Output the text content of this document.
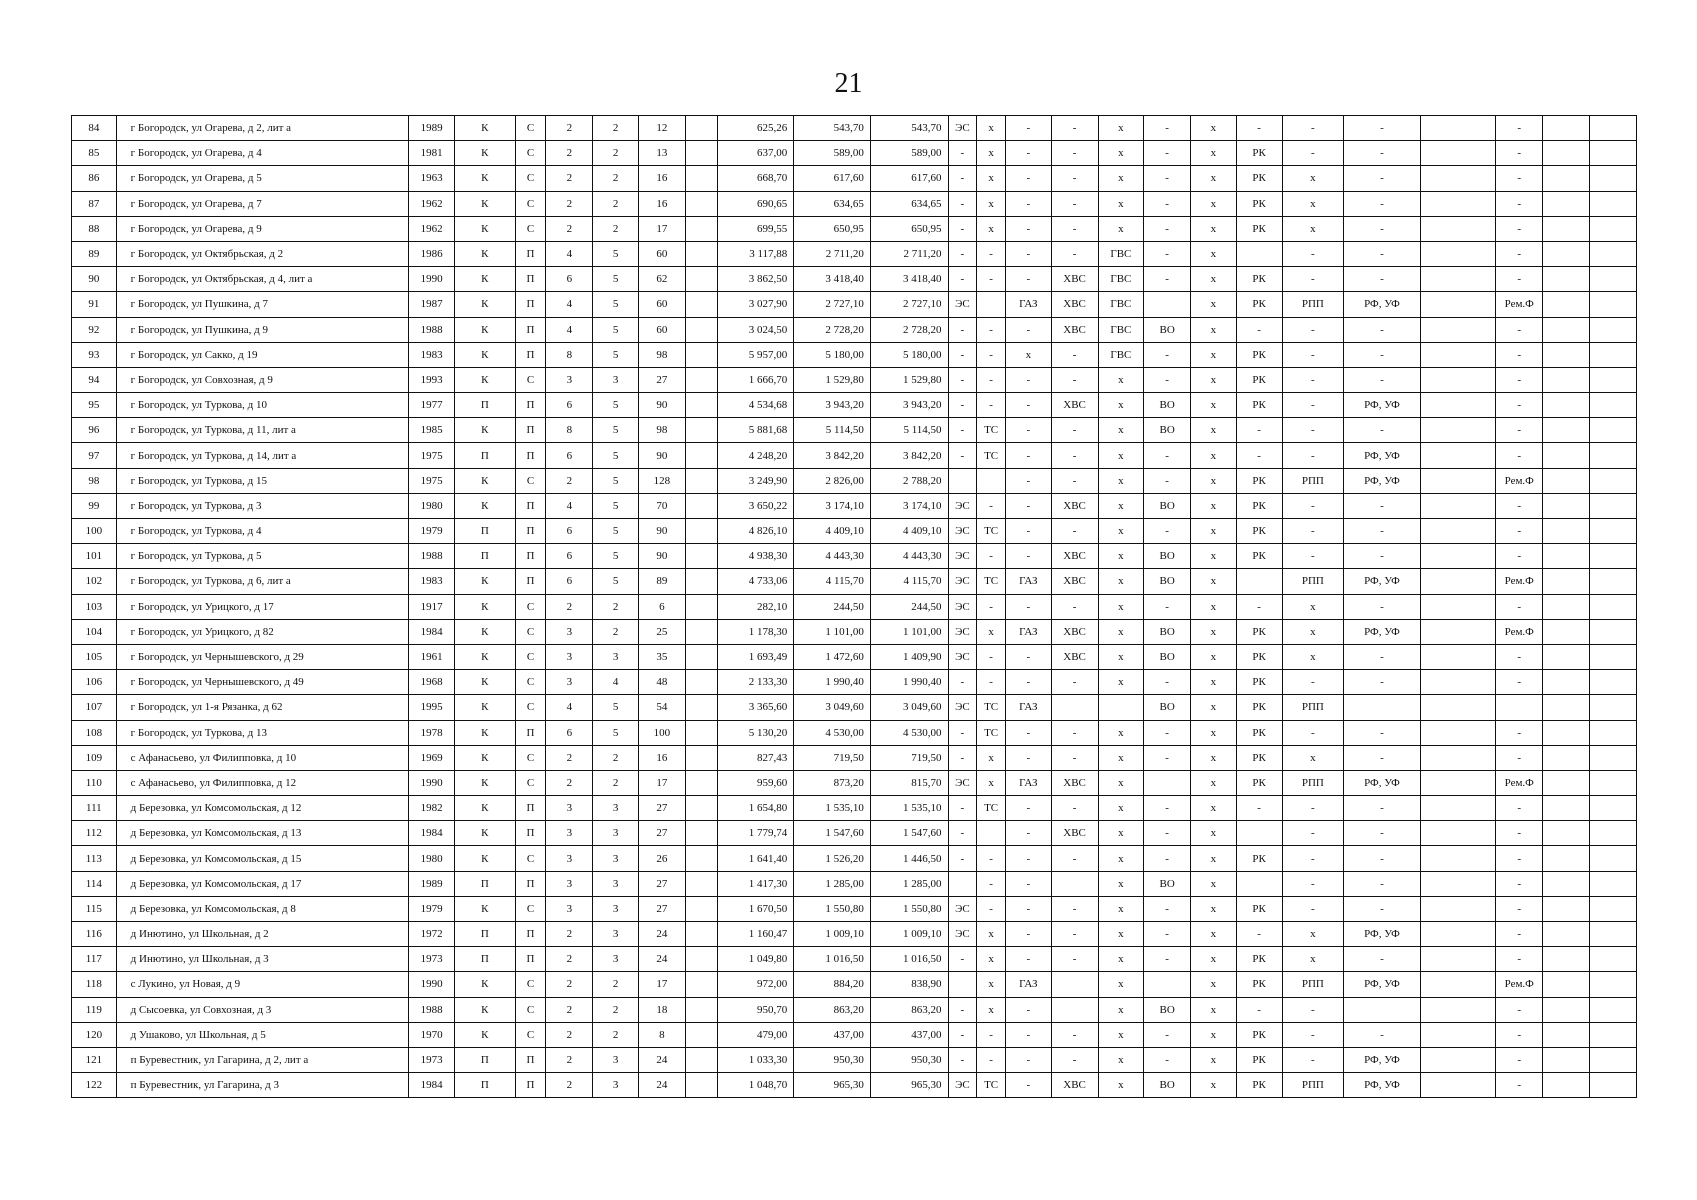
21
84	г Богородск, ул Огарева, д 2, лит а	1989	К	С	2	2	12		625,26	543,70	543,70	ЭС	х	-	-	х	-	х	-	-	-		-		
85	г Богородск, ул Огарева, д 4	1981	К	С	2	2	13		637,00	589,00	589,00	-	х	-	-	х	-	х	РК	-	-		-		
86	г Богородск, ул Огарева, д 5	1963	К	С	2	2	16		668,70	617,60	617,60	-	х	-	-	х	-	х	РК	х	-		-		
87	г Богородск, ул Огарева, д 7	1962	К	С	2	2	16		690,65	634,65	634,65	-	х	-	-	х	-	х	РК	х	-		-		
88	г Богородск, ул Огарева, д 9	1962	К	С	2	2	17		699,55	650,95	650,95	-	х	-	-	х	-	х	РК	х	-		-		
89	г Богородск, ул Октябрьская, д 2	1986	К	П	4	5	60		3 117,88	2 711,20	2 711,20	-	-	-	-	ГВС	-	х		-	-		-		
90	г Богородск, ул Октябрьская, д 4, лит а	1990	К	П	6	5	62		3 862,50	3 418,40	3 418,40	-	-	-	ХВС	ГВС	-	х	РК	-	-		-		
91	г Богородск, ул Пушкина, д 7	1987	К	П	4	5	60		3 027,90	2 727,10	2 727,10	ЭС		ГАЗ	ХВС	ГВС		х	РК	РПП	РФ, УФ		Рем.Ф		
92	г Богородск, ул Пушкина, д 9	1988	К	П	4	5	60		3 024,50	2 728,20	2 728,20	-	-	-	ХВС	ГВС	ВО	х	-	-	-		-		
93	г Богородск, ул Сакко, д 19	1983	К	П	8	5	98		5 957,00	5 180,00	5 180,00	-	-	х	-	ГВС	-	х	РК	-	-		-		
94	г Богородск, ул Совхозная, д 9	1993	К	С	3	3	27		1 666,70	1 529,80	1 529,80	-	-	-	-	х	-	х	РК	-	-		-		
95	г Богородск, ул Туркова, д 10	1977	П	П	6	5	90		4 534,68	3 943,20	3 943,20	-	-	-	ХВС	х	ВО	х	РК	-	РФ, УФ		-		
96	г Богородск, ул Туркова, д 11, лит а	1985	К	П	8	5	98		5 881,68	5 114,50	5 114,50	-	ТС	-	-	х	ВО	х	-	-	-		-		
97	г Богородск, ул Туркова, д 14, лит а	1975	П	П	6	5	90		4 248,20	3 842,20	3 842,20	-	ТС	-	-	х	-	х	-	-	РФ, УФ		-		
98	г Богородск, ул Туркова, д 15	1975	К	С	2	5	128		3 249,90	2 826,00	2 788,20			-	-	х	-	х	РК	РПП	РФ, УФ		Рем.Ф		
99	г Богородск, ул Туркова, д 3	1980	К	П	4	5	70		3 650,22	3 174,10	3 174,10	ЭС	-	-	ХВС	х	ВО	х	РК	-	-		-		
100	г Богородск, ул Туркова, д 4	1979	П	П	6	5	90		4 826,10	4 409,10	4 409,10	ЭС	ТС	-	-	х	-	х	РК	-	-		-		
101	г Богородск, ул Туркова, д 5	1988	П	П	6	5	90		4 938,30	4 443,30	4 443,30	ЭС	-	-	ХВС	х	ВО	х	РК	-	-		-		
102	г Богородск, ул Туркова, д 6, лит а	1983	К	П	6	5	89		4 733,06	4 115,70	4 115,70	ЭС	ТС	ГАЗ	ХВС	х	ВО	х		РПП	РФ, УФ		Рем.Ф		
103	г Богородск, ул Урицкого, д 17	1917	К	С	2	2	6		282,10	244,50	244,50	ЭС	-	-	-	х	-	х	-	х	-		-		
104	г Богородск, ул Урицкого, д 82	1984	К	С	3	2	25		1 178,30	1 101,00	1 101,00	ЭС	х	ГАЗ	ХВС	х	ВО	х	РК	х	РФ, УФ		Рем.Ф		
105	г Богородск, ул Чернышевского, д 29	1961	К	С	3	3	35		1 693,49	1 472,60	1 409,90	ЭС	-	-	ХВС	х	ВО	х	РК	х	-		-		
106	г Богородск, ул Чернышевского, д 49	1968	К	С	3	4	48		2 133,30	1 990,40	1 990,40	-	-	-	-	х	-	х	РК	-	-		-		
107	г Богородск, ул 1-я Рязанка, д 62	1995	К	С	4	5	54		3 365,60	3 049,60	3 049,60	ЭС	ТС	ГАЗ			ВО	х	РК	РПП					
108	г Богородск, ул Туркова, д 13	1978	К	П	6	5	100		5 130,20	4 530,00	4 530,00	-	ТС	-	-	х	-	х	РК	-	-		-		
109	с Афанасьево, ул Филипповка, д 10	1969	К	С	2	2	16		827,43	719,50	719,50	-	х	-	-	х	-	х	РК	х	-		-		
110	с Афанасьево, ул Филипповка, д 12	1990	К	С	2	2	17		959,60	873,20	815,70	ЭС	х	ГАЗ	ХВС	х		х	РК	РПП	РФ, УФ		Рем.Ф		
111	д Березовка, ул Комсомольская, д 12	1982	К	П	3	3	27		1 654,80	1 535,10	1 535,10	-	ТС	-	-	х	-	х	-	-	-		-		
112	д Березовка, ул Комсомольская, д 13	1984	К	П	3	3	27		1 779,74	1 547,60	1 547,60	-		-	ХВС	х	-	х		-	-		-		
113	д Березовка, ул Комсомольская, д 15	1980	К	С	3	3	26		1 641,40	1 526,20	1 446,50	-	-	-	-	х	-	х	РК	-	-		-		
114	д Березовка, ул Комсомольская, д 17	1989	П	П	3	3	27		1 417,30	1 285,00	1 285,00		-	-		х	ВО	х		-	-		-		
115	д Березовка, ул Комсомольская, д 8	1979	К	С	3	3	27		1 670,50	1 550,80	1 550,80	ЭС	-	-	-	х	-	х	РК	-	-		-		
116	д Инютино, ул Школьная, д 2	1972	П	П	2	3	24		1 160,47	1 009,10	1 009,10	ЭС	х	-	-	х	-	х	-	х	РФ, УФ		-		
117	д Инютино, ул Школьная, д 3	1973	П	П	2	3	24		1 049,80	1 016,50	1 016,50	-	х	-	-	х	-	х	РК	х	-		-		
118	с Лукино, ул Новая, д 9	1990	К	С	2	2	17		972,00	884,20	838,90		х	ГАЗ		х		х	РК	РПП	РФ, УФ		Рем.Ф		
119	д Сысоевка, ул Совхозная, д 3	1988	К	С	2	2	18		950,70	863,20	863,20	-	х	-		х	ВО	х	-	-			-		
120	д Ушаково, ул Школьная, д 5	1970	К	С	2	2	8		479,00	437,00	437,00	-	-	-	-	х	-	х	РК	-	-		-		
121	п Буревестник, ул Гагарина, д 2, лит а	1973	П	П	2	3	24		1 033,30	950,30	950,30	-	-	-	-	х	-	х	РК	-	РФ, УФ		-		
122	п Буревестник, ул Гагарина, д 3	1984	П	П	2	3	24		1 048,70	965,30	965,30	ЭС	ТС	-	ХВС	х	ВО	х	РК	РПП	РФ, УФ		-		
